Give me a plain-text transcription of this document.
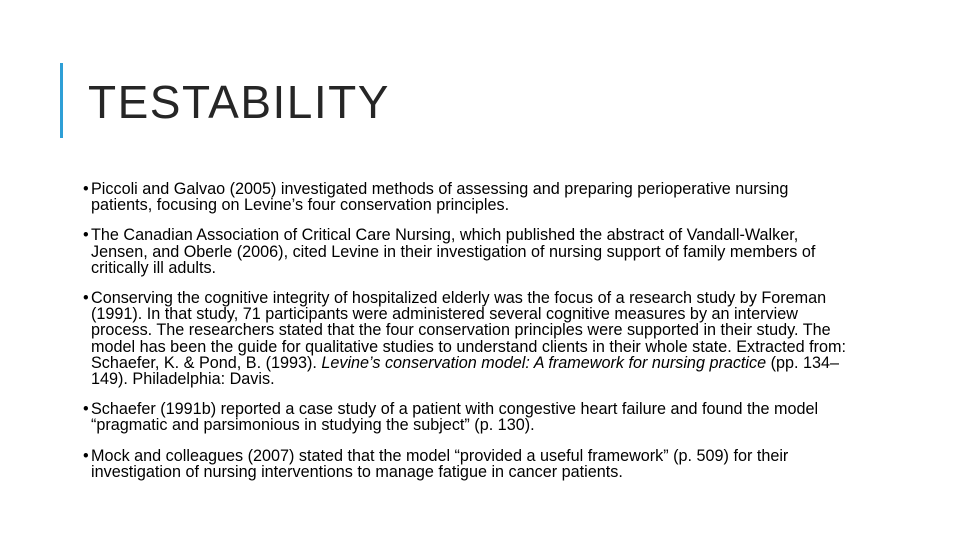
TESTABILITY
• Piccoli and Galvao (2005) investigated methods of assessing and preparing perioperative nursing patients, focusing on Levine’s four conservation principles.
• The Canadian Association of Critical Care Nursing, which published the abstract of Vandall-Walker, Jensen, and Oberle (2006), cited Levine in their investigation of nursing support of family members of critically ill adults.
• Conserving the cognitive integrity of hospitalized elderly was the focus of a research study by Foreman (1991). In that study, 71 participants were administered several cognitive measures by an interview process. The researchers stated that the four conservation principles were supported in their study. The model has been the guide for qualitative studies to understand clients in their whole state. Extracted from: Schaefer, K. & Pond, B. (1993). Levine’s conservation model: A framework for nursing practice (pp. 134–149). Philadelphia: Davis.
• Schaefer (1991b) reported a case study of a patient with congestive heart failure and found the model “pragmatic and parsimonious in studying the subject” (p. 130).
• Mock and colleagues (2007) stated that the model “provided a useful framework” (p. 509) for their investigation of nursing interventions to manage fatigue in cancer patients.
